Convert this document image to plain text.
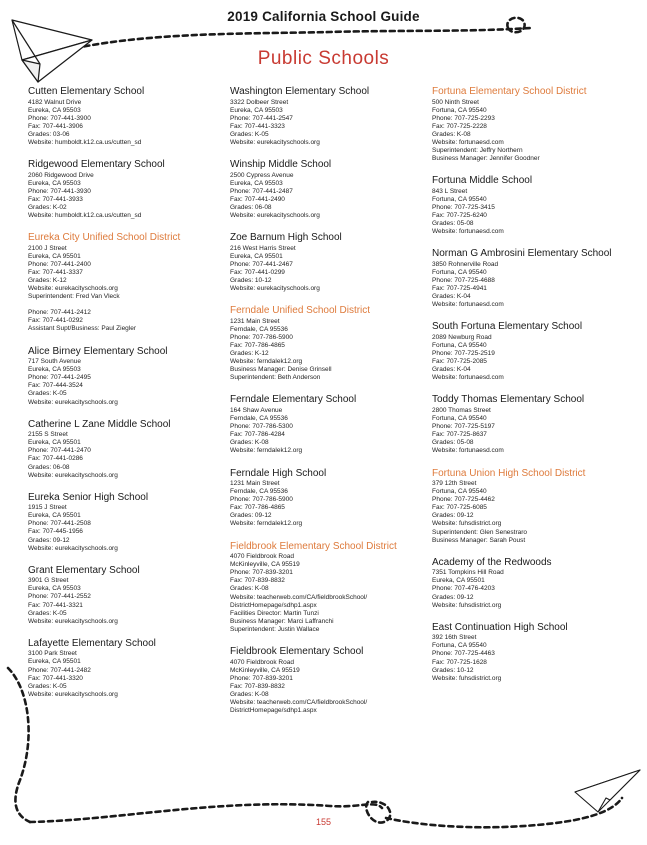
2019 California School Guide
Public Schools
Cutten Elementary School
4182 Walnut Drive
Eureka, CA 95503
Phone: 707-441-3900
Fax: 707-441-3906
Grades: 03-06
Website: humboldt.k12.ca.us/cutten_sd
Ridgewood Elementary School
2060 Ridgewood Drive
Eureka, CA 95503
Phone: 707-441-3930
Fax: 707-441-3933
Grades: K-02
Website: humboldt.k12.ca.us/cutten_sd
Eureka City Unified School District
2100 J Street
Eureka, CA 95501
Phone: 707-441-2400
Fax: 707-441-3337
Grades: K-12
Website: eurekacityschools.org
Superintendent: Fred Van Vleck
Phone: 707-441-2412
Fax: 707-441-0292
Assistant Supt/Business: Paul Ziegler
Alice Birney Elementary School
717 South Avenue
Eureka, CA 95503
Phone: 707-441-2495
Fax: 707-444-3524
Grades: K-05
Website: eurekacityschools.org
Catherine L Zane Middle School
2155 S Street
Eureka, CA 95501
Phone: 707-441-2470
Fax: 707-441-0286
Grades: 06-08
Website: eurekacityschools.org
Eureka Senior High School
1915 J Street
Eureka, CA 95501
Phone: 707-441-2508
Fax: 707-445-1956
Grades: 09-12
Website: eurekacityschools.org
Grant Elementary School
3901 G Street
Eureka, CA 95503
Phone: 707-441-2552
Fax: 707-441-3321
Grades: K-05
Website: eurekacityschools.org
Lafayette Elementary School
3100 Park Street
Eureka, CA 95501
Phone: 707-441-2482
Fax: 707-441-3320
Grades: K-05
Website: eurekacityschools.org
Washington Elementary School
3322 Dolbeer Street
Eureka, CA 95503
Phone: 707-441-2547
Fax: 707-441-3323
Grades: K-05
Website: eurekacityschools.org
Winship Middle School
2500 Cypress Avenue
Eureka, CA 95503
Phone: 707-441-2487
Fax: 707-441-2490
Grades: 06-08
Website: eurekacityschools.org
Zoe Barnum High School
216 West Harris Street
Eureka, CA 95501
Phone: 707-441-2467
Fax: 707-441-0299
Grades: 10-12
Website: eurekacityschools.org
Ferndale Unified School District
1231 Main Street
Ferndale, CA 95536
Phone: 707-786-5900
Fax: 707-786-4865
Grades: K-12
Website: ferndalek12.org
Business Manager: Denise Grinsell
Superintendent: Beth Anderson
Ferndale Elementary School
164 Shaw Avenue
Ferndale, CA 95536
Phone: 707-786-5300
Fax: 707-786-4284
Grades: K-08
Website: ferndalek12.org
Ferndale High School
1231 Main Street
Ferndale, CA 95536
Phone: 707-786-5900
Fax: 707-786-4865
Grades: 09-12
Website: ferndalek12.org
Fieldbrook Elementary School District
4070 Fieldbrook Road
McKinleyville, CA 95519
Phone: 707-839-3201
Fax: 707-839-8832
Grades: K-08
Website: teacherweb.com/CA/fieldbrookSchool/
DistrictHomepage/sdhp1.aspx
Facilities Director: Martin Tunzi
Business Manager: Marci Laffranchi
Superintendent: Justin Wallace
Fieldbrook Elementary School
4070 Fieldbrook Road
McKinleyville, CA 95519
Phone: 707-839-3201
Fax: 707-839-8832
Grades: K-08
Website: teacherweb.com/CA/fieldbrookSchool/
DistrictHomepage/sdhp1.aspx
Fortuna Elementary School District
500 Ninth Street
Fortuna, CA 95540
Phone: 707-725-2293
Fax: 707-725-2228
Grades: K-08
Website: fortunaesd.com
Superintendent: Jeffry Northern
Business Manager: Jennifer Goodner
Fortuna Middle School
843 L Street
Fortuna, CA 95540
Phone: 707-725-3415
Fax: 707-725-6240
Grades: 05-08
Website: fortunaesd.com
Norman G Ambrosini Elementary School
3850 Rohnerville Road
Fortuna, CA 95540
Phone: 707-725-4688
Fax: 707-725-4941
Grades: K-04
Website: fortunaesd.com
South Fortuna Elementary School
2089 Newburg Road
Fortuna, CA 95540
Phone: 707-725-2519
Fax: 707-725-2085
Grades: K-04
Website: fortunaesd.com
Toddy Thomas Elementary School
2800 Thomas Street
Fortuna, CA 95540
Phone: 707-725-5197
Fax: 707-725-8637
Grades: 05-08
Website: fortunaesd.com
Fortuna Union High School District
379 12th Street
Fortuna, CA 95540
Phone: 707-725-4462
Fax: 707-725-6085
Grades: 09-12
Website: fuhsdistrict.org
Superintendent: Glen Senestraro
Business Manager: Sarah Poust
Academy of the Redwoods
7351 Tompkins Hill Road
Eureka, CA 95501
Phone: 707-476-4203
Grades: 09-12
Website: fuhsdistrict.org
East Continuation High School
392 16th Street
Fortuna, CA 95540
Phone: 707-725-4463
Fax: 707-725-1628
Grades: 10-12
Website: fuhsdistrict.org
155
